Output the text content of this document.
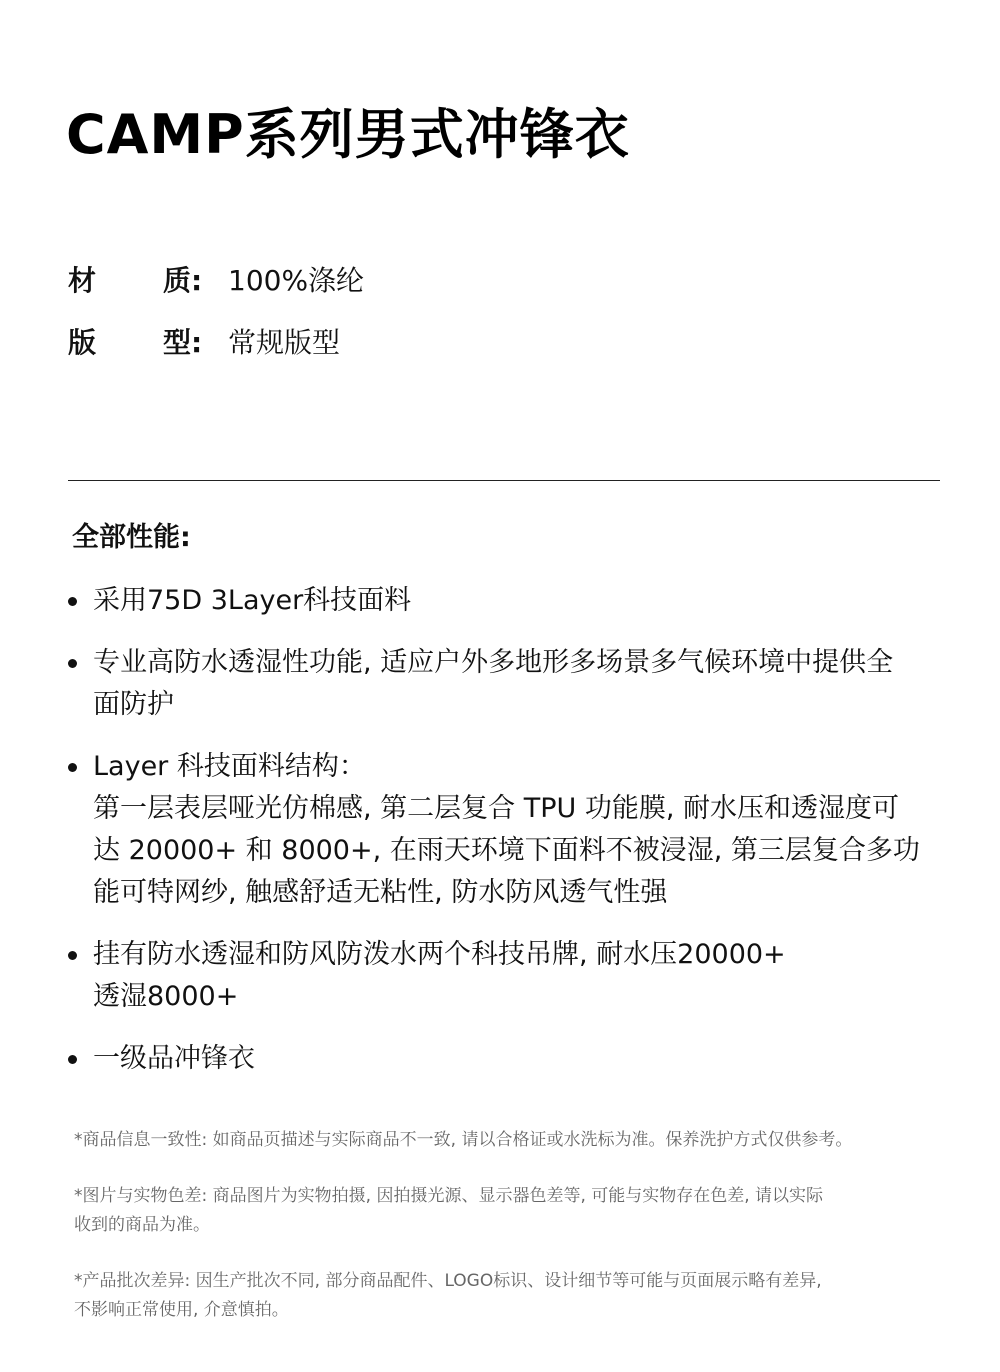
CAMP系列男式冲锋衣
材 质: 100%涤纶
版 型: 常规版型
全部性能:
采用75D 3Layer科技面料
专业高防水透湿性功能, 适应户外多地形多场景多气候环境中提供全
面防护
Layer 科技面料结构：
第一层表层哑光仿棉感, 第二层复合 TPU 功能膜, 耐水压和透湿度可
达 20000+ 和 8000+, 在雨天环境下面料不被浸湿, 第三层复合多功
能可特网纱, 触感舒适无粘性, 防水防风透气性强
挂有防水透湿和防风防泼水两个科技吊牌, 耐水压20000+
透湿8000+
一级品冲锋衣
*商品信息一致性: 如商品页描述与实际商品不一致, 请以合格证或水洗标为准。保养洗护方式仅供参考。
*图片与实物色差: 商品图片为实物拍摄, 因拍摄光源、显示器色差等, 可能与实物存在色差, 请以实际
收到的商品为准。
*产品批次差异: 因生产批次不同, 部分商品配件、LOGO标识、设计细节等可能与页面展示略有差异,
不影响正常使用, 介意慎拍。
